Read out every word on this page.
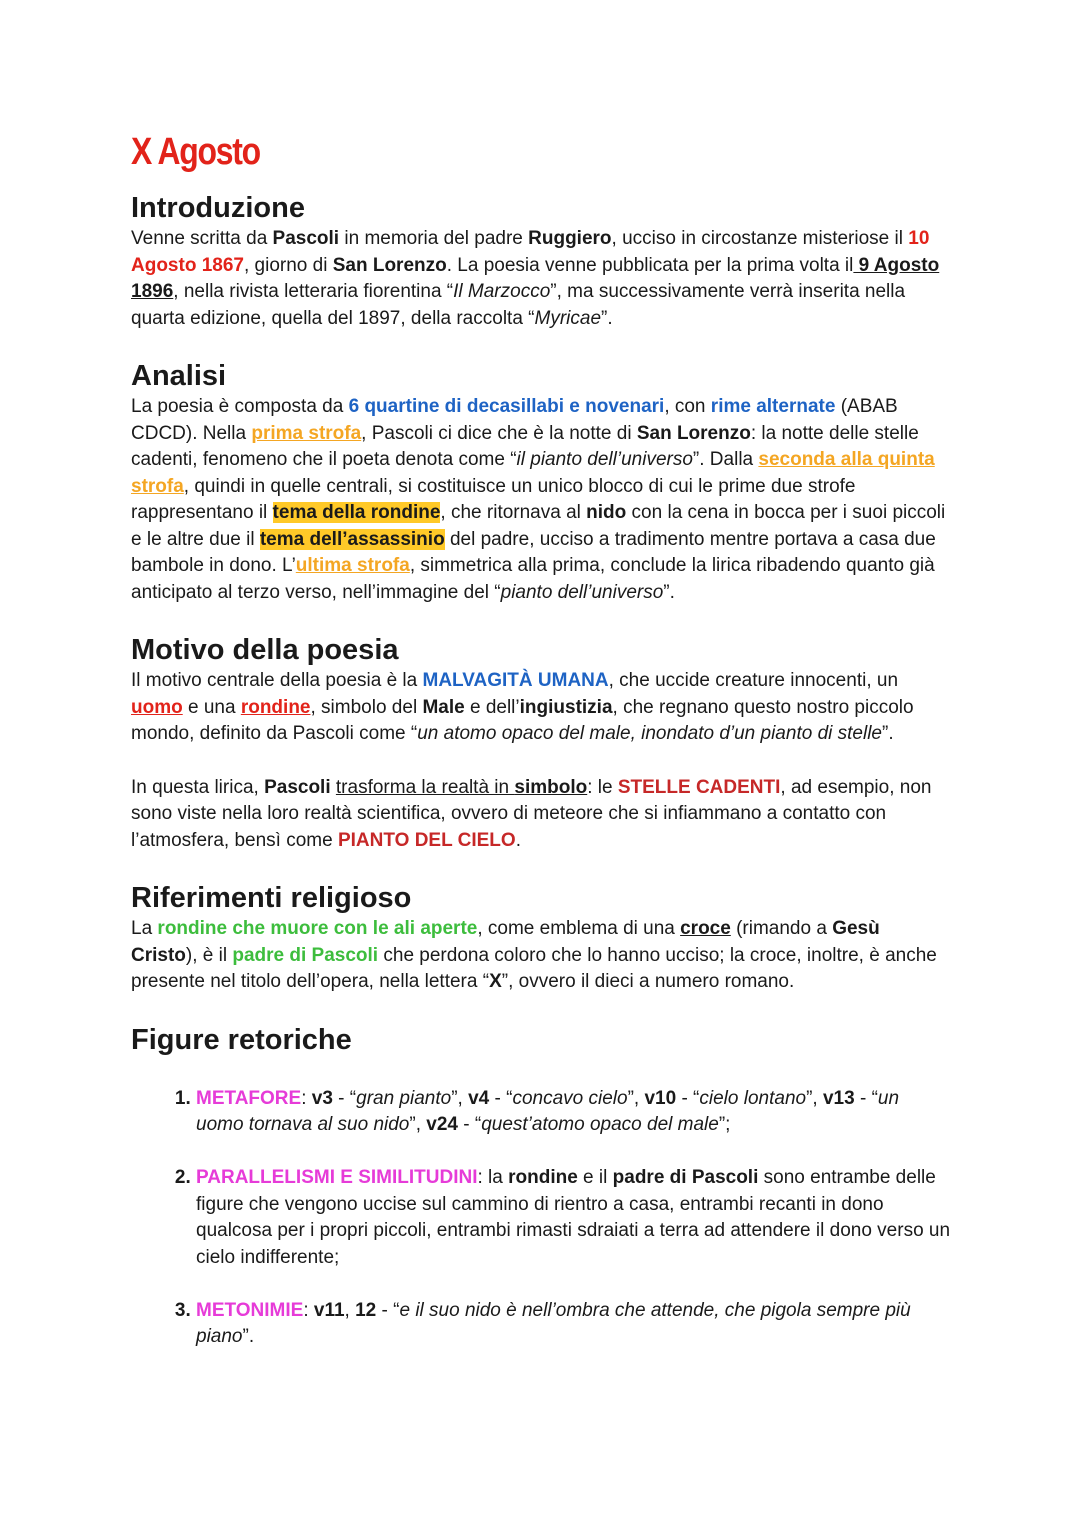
X Agosto
Introduzione

Venne scritta da Pascoli in memoria del padre Ruggiero, ucciso in circostanze misteriose il 10 Agosto 1867, giorno di San Lorenzo. La poesia venne pubblicata per la prima volta il 9 Agosto 1896, nella rivista letteraria fiorentina “Il Marzocco”, ma successivamente verrà inserita nella quarta edizione, quella del 1897, della raccolta “Myricae”.

Analisi

La poesia è composta da 6 quartine di decasillabi e novenari, con rime alternate (ABAB CDCD). Nella prima strofa, Pascoli ci dice che è la notte di San Lorenzo: la notte delle stelle cadenti, fenomeno che il poeta denota come “il pianto dell’universo”. Dalla seconda alla quinta strofa, quindi in quelle centrali, si costituisce un unico blocco di cui le prime due strofe rappresentano il tema della rondine, che ritornava al nido con la cena in bocca per i suoi piccoli e le altre due il tema dell’assassinio del padre, ucciso a tradimento mentre portava a casa due bambole in dono. L’ultima strofa, simmetrica alla prima, conclude la lirica ribadendo quanto già anticipato al terzo verso, nell’immagine del “pianto dell’universo”.

Motivo della poesia

Il motivo centrale della poesia è la MALVAGITÀ UMANA, che uccide creature innocenti, un uomo e una rondine, simbolo del Male e dell’ingiustizia, che regnano questo nostro piccolo mondo, definito da Pascoli come “un atomo opaco del male, inondato d’un pianto di stelle”.

In questa lirica, Pascoli trasforma la realtà in simbolo: le STELLE CADENTI, ad esempio, non sono viste nella loro realtà scientifica, ovvero di meteore che si infiammano a contatto con l’atmosfera, bensì come PIANTO DEL CIELO.

Riferimenti religioso

La rondine che muore con le ali aperte, come emblema di una croce (rimando a Gesù Cristo), è il padre di Pascoli che perdona coloro che lo hanno ucciso; la croce, inoltre, è anche presente nel titolo dell’opera, nella lettera “X”, ovvero il dieci a numero romano.

Figure retoriche
1. METAFORE: v3 - “gran pianto”, v4 - “concavo cielo”, v10 - “cielo lontano”, v13 - “un uomo tornava al suo nido”, v24 - “quest’atomo opaco del male”;
2. PARALLELISMI E SIMILITUDINI: la rondine e il padre di Pascoli sono entrambe delle figure che vengono uccise sul cammino di rientro a casa, entrambi recanti in dono qualcosa per i propri piccoli, entrambi rimasti sdraiati a terra ad attendere il dono verso un cielo indifferente;
3. METONIMIE: v11, 12 - “e il suo nido è nell’ombra che attende, che pigola sempre più piano”.
